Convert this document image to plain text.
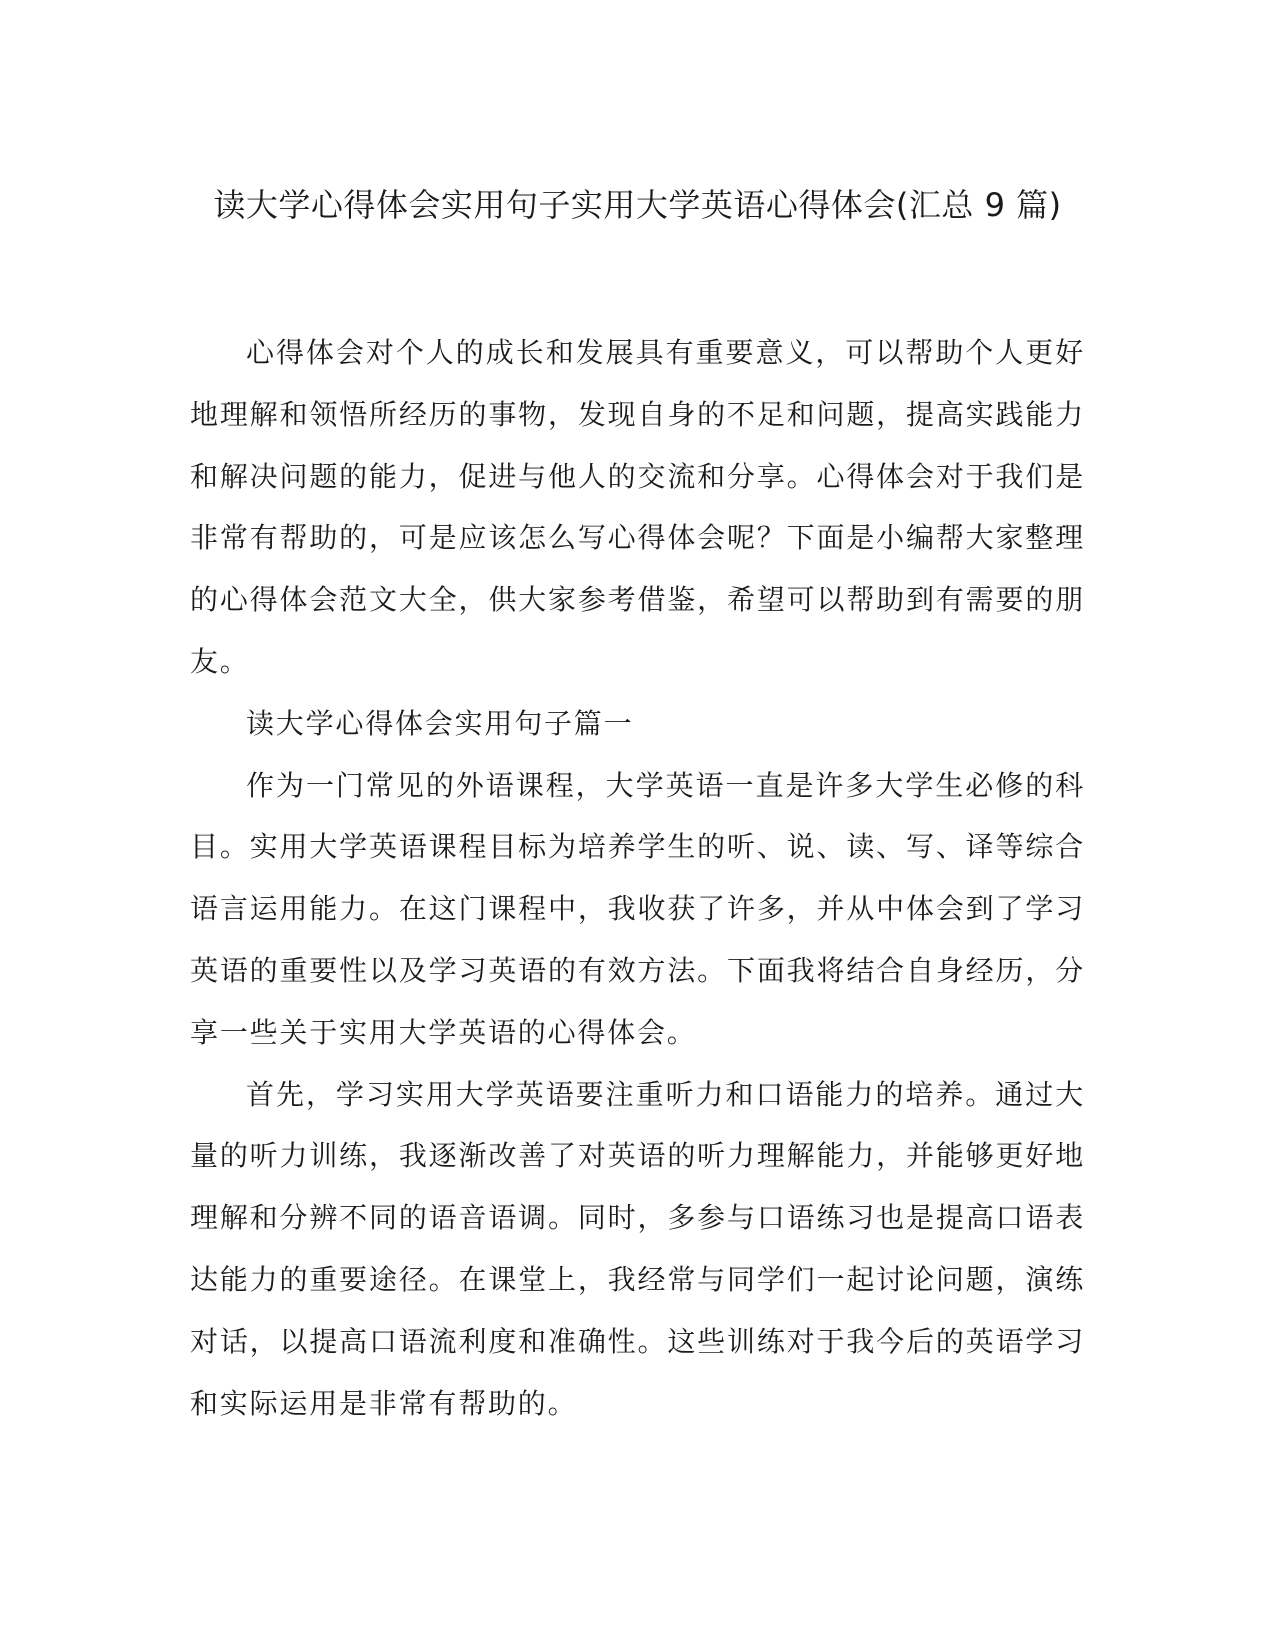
读大学心得体会实用句子实用大学英语心得体会(汇总 9 篇)

心得体会对个人的成长和发展具有重要意义，可以帮助个人更好地理解和领悟所经历的事物，发现自身的不足和问题，提高实践能力和解决问题的能力，促进与他人的交流和分享。心得体会对于我们是非常有帮助的，可是应该怎么写心得体会呢？下面是小编帮大家整理的心得体会范文大全，供大家参考借鉴，希望可以帮助到有需要的朋友。

读大学心得体会实用句子篇一

作为一门常见的外语课程，大学英语一直是许多大学生必修的科目。实用大学英语课程目标为培养学生的听、说、读、写、译等综合语言运用能力。在这门课程中，我收获了许多，并从中体会到了学习英语的重要性以及学习英语的有效方法。下面我将结合自身经历，分享一些关于实用大学英语的心得体会。

首先，学习实用大学英语要注重听力和口语能力的培养。通过大量的听力训练，我逐渐改善了对英语的听力理解能力，并能够更好地理解和分辨不同的语音语调。同时，多参与口语练习也是提高口语表达能力的重要途径。在课堂上，我经常与同学们一起讨论问题，演练对话，以提高口语流利度和准确性。这些训练对于我今后的英语学习和实际运用是非常有帮助的。
